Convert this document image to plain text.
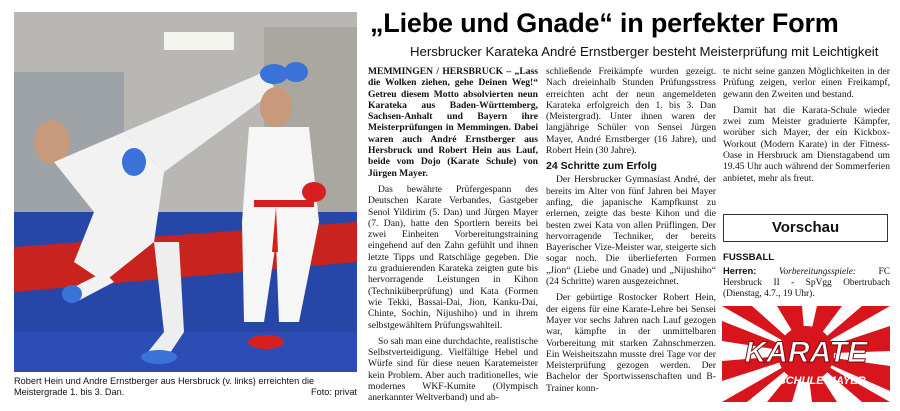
Robert Hein und Andre Ernstberger aus Hersbruck (v. links) erreichten die Meistergrade 1. bis 3. Dan.	Foto: privat
„Liebe und Gnade“ in perfekter Form
Hersbrucker Karateka André Ernstberger besteht Meisterprüfung mit Leichtigkeit

MEMMINGEN / HERSBRUCK – „Lass die Wolken ziehen, gehe Deinen Weg!“ Getreu diesem Motto absolvierten neun Karateka aus Baden-Württemberg, Sachsen-Anhalt und Bayern ihre Meisterprüfungen in Memmingen. Dabei waren auch André Ernstberger aus Hersbruck und Robert Hein aus Lauf, beide vom Dojo (Karate Schule) von Jürgen Mayer.

Das bewährte Prüfergespann des Deutschen Karate Verbandes, Gastgeber Senol Yildirim (5. Dan) und Jürgen Mayer (7. Dan), hatte den Sportlern bereits bei zwei Einheiten Vorbereitungstraining eingehend auf den Zahn gefühlt und ihnen letzte Tipps und Ratschläge gegeben. Die zu graduierenden Karateka zeigten gute bis hervorragende Leistungen in Kihon (Techniküberprüfung) und Kata (Formen wie Tekki, Bassai-Dai, Jion, Kanku-Dai, Chinte, Sochin, Nijushiho) und in ihrem selbstgewähltem Prüfungswahlteil.

So sah man eine durchdachte, realistische Selbstverteidigung. Vielfältige Hebel und Würfe sind für diese neuen Karatemeister kein Problem. Aber auch traditionelles, wie modernes WKF-Kumite (Olympisch anerkannter Weltverband) und ab-

schließende Freikämpfe wurden gezeigt. Nach dreieinhalb Stunden Prüfungsstress erreichten acht der neun angemeldeten Karateka erfolgreich den 1. bis 3. Dan (Meistergrad). Unter ihnen waren der langjährige Schüler von Sensei Jürgen Mayer, André Ernstberger (16 Jahre), und Robert Hein (30 Jahre).

24 Schritte zum Erfolg

Der Hersbrucker Gymnasiast André, der bereits im Alter von fünf Jahren bei Mayer anfing, die japanische Kampfkunst zu erlernen, zeigte das beste Kihon und die besten zwei Kata von allen Prüflingen. Der hervorragende Techniker, der bereits Bayerischer Vize-Meister war, steigerte sich sogar noch. Die überlieferten Formen „Jion“ (Liebe und Gnade) und „Nijushiho“ (24 Schritte) waren ausgezeichnet.

Der gebürtige Rostocker Robert Hein, der eigens für eine Karate-Lehre bei Sensei Mayer vor sechs Jahren nach Lauf gezogen war, kämpfte in der unmittelbaren Vorbereitung mit starken Zahnschmerzen. Ein Weisheitszahn musste drei Tage vor der Meisterprüfung gezogen werden. Der Bachelor der Sportwissenschaften und B-Trainer konn-

te nicht seine ganzen Möglichkeiten in der Prüfung zeigen, verlor einen Freikampf, gewann den Zweiten und bestand.

Damit hat die Karata-Schule wieder zwei zum Meister graduierte Kämpfer, worüber sich Mayer, der ein Kickbox-Workout (Modern Karate) in der Fitness-Oase in Hersbruck am Dienstagabend um 19.45 Uhr auch während der Sommerferien anbietet, mehr als freut.

Vorschau
FUSSBALL
Herren: Vorbereitungsspiele: FC Hersbruck II - SpVgg Obertrubach (Dienstag, 4.7., 19 Uhr).
KARATE
SCHULE MAYER
